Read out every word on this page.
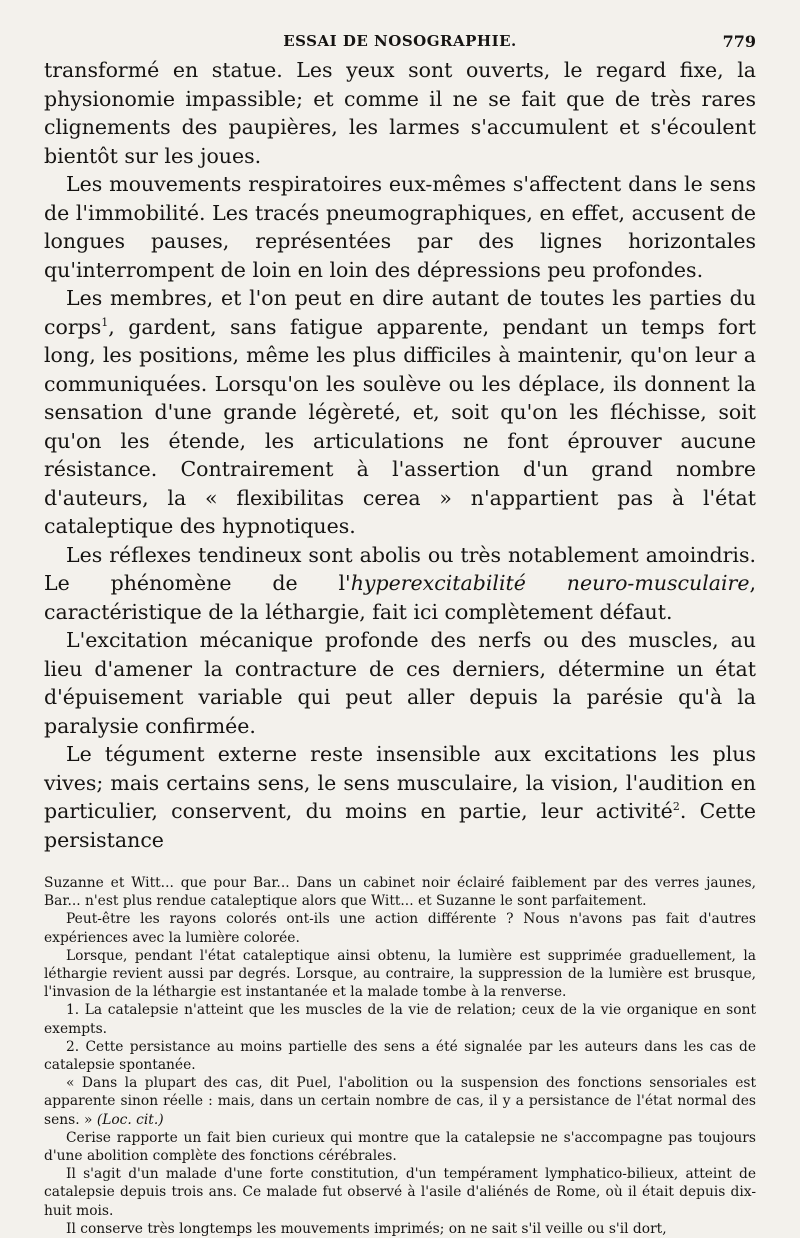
ESSAI DE NOSOGRAPHIE.	779

transformé en statue. Les yeux sont ouverts, le regard fixe, la physionomie impassible; et comme il ne se fait que de très rares clignements des paupières, les larmes s'accumulent et s'écoulent bientôt sur les joues.

Les mouvements respiratoires eux-mêmes s'affectent dans le sens de l'immobilité. Les tracés pneumographiques, en effet, accusent de longues pauses, représentées par des lignes horizontales qu'interrompent de loin en loin des dépressions peu profondes.

Les membres, et l'on peut en dire autant de toutes les parties du corps$^1$, gardent, sans fatigue apparente, pendant un temps fort long, les positions, même les plus difficiles à maintenir, qu'on leur a communiquées. Lorsqu'on les soulève ou les déplace, ils donnent la sensation d'une grande légèreté, et, soit qu'on les fléchisse, soit qu'on les étende, les articulations ne font éprouver aucune résistance. Contrairement à l'assertion d'un grand nombre d'auteurs, la « flexibilitas cerea » n'appartient pas à l'état cataleptique des hypnotiques.

Les réflexes tendineux sont abolis ou très notablement amoindris. Le phénomène de l'hyperexcitabilité neuro-musculaire, caractéristique de la léthargie, fait ici complètement défaut.

L'excitation mécanique profonde des nerfs ou des muscles, au lieu d'amener la contracture de ces derniers, détermine un état d'épuisement variable qui peut aller depuis la parésie qu'à la paralysie confirmée.

Le tégument externe reste insensible aux excitations les plus vives; mais certains sens, le sens musculaire, la vision, l'audition en particulier, conservent, du moins en partie, leur activité$^2$. Cette persistance

Suzanne et Witt... que pour Bar... Dans un cabinet noir éclairé faiblement par des verres jaunes, Bar... n'est plus rendue cataleptique alors que Witt... et Suzanne le sont parfaitement.

Peut-être les rayons colorés ont-ils une action différente ? Nous n'avons pas fait d'autres expériences avec la lumière colorée.

Lorsque, pendant l'état cataleptique ainsi obtenu, la lumière est supprimée graduellement, la léthargie revient aussi par degrés. Lorsque, au contraire, la suppression de la lumière est brusque, l'invasion de la léthargie est instantanée et la malade tombe à la renverse.

1. La catalepsie n'atteint que les muscles de la vie de relation; ceux de la vie organique en sont exempts.

2. Cette persistance au moins partielle des sens a été signalée par les auteurs dans les cas de catalepsie spontanée.

« Dans la plupart des cas, dit Puel, l'abolition ou la suspension des fonctions sensoriales est apparente sinon réelle : mais, dans un certain nombre de cas, il y a persistance de l'état normal des sens. » (Loc. cit.)

Cerise rapporte un fait bien curieux qui montre que la catalepsie ne s'accompagne pas toujours d'une abolition complète des fonctions cérébrales.

Il s'agit d'un malade d'une forte constitution, d'un tempérament lymphatico-bilieux, atteint de catalepsie depuis trois ans. Ce malade fut observé à l'asile d'aliénés de Rome, où il était depuis dix-huit mois.

Il conserve très longtemps les mouvements imprimés; on ne sait s'il veille ou s'il dort,
